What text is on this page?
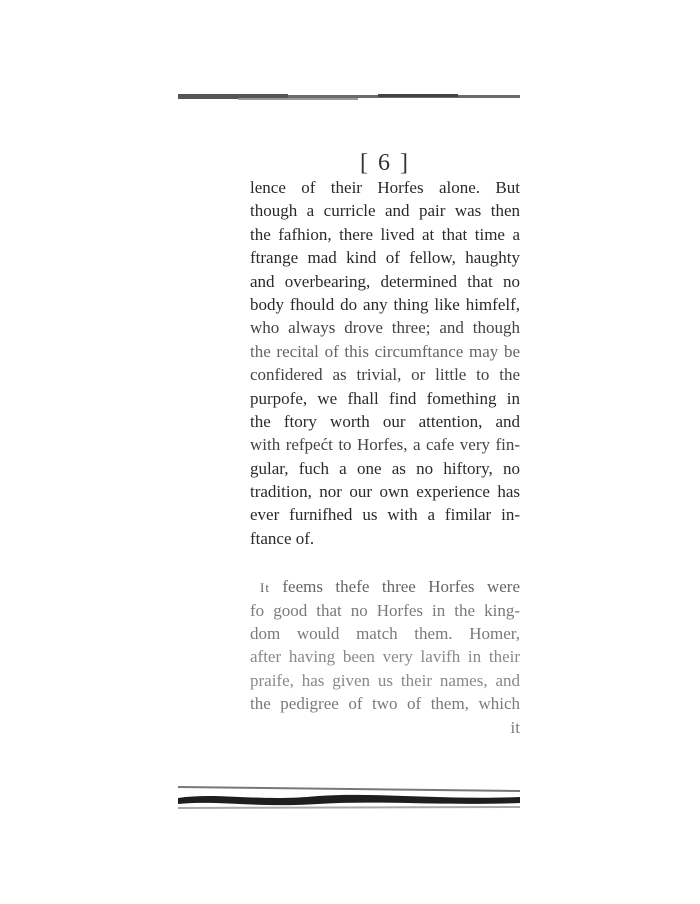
[ 6 ]
lence of their Horfes alone. But
though a curricle and pair was then
the fafhion, there lived at that time a
ftrange mad kind of fellow, haughty
and overbearing, determined that no
body fhould do any thing like himfelf,
who always drove three; and though
the recital of this circumftance may be
confidered as trivial, or little to the
purpofe, we fhall find fomething in
the ftory worth our attention, and
with refpećt to Horfes, a cafe very fin-
gular, fuch a one as no hiftory, no
tradition, nor our own experience has
ever furnifhed us with a fimilar in-
ftance of.
It feems thefe three Horfes were
fo good that no Horfes in the king-
dom would match them. Homer,
after having been very lavifh in their
praife, has given us their names, and
the pedigree of two of them, which
it
